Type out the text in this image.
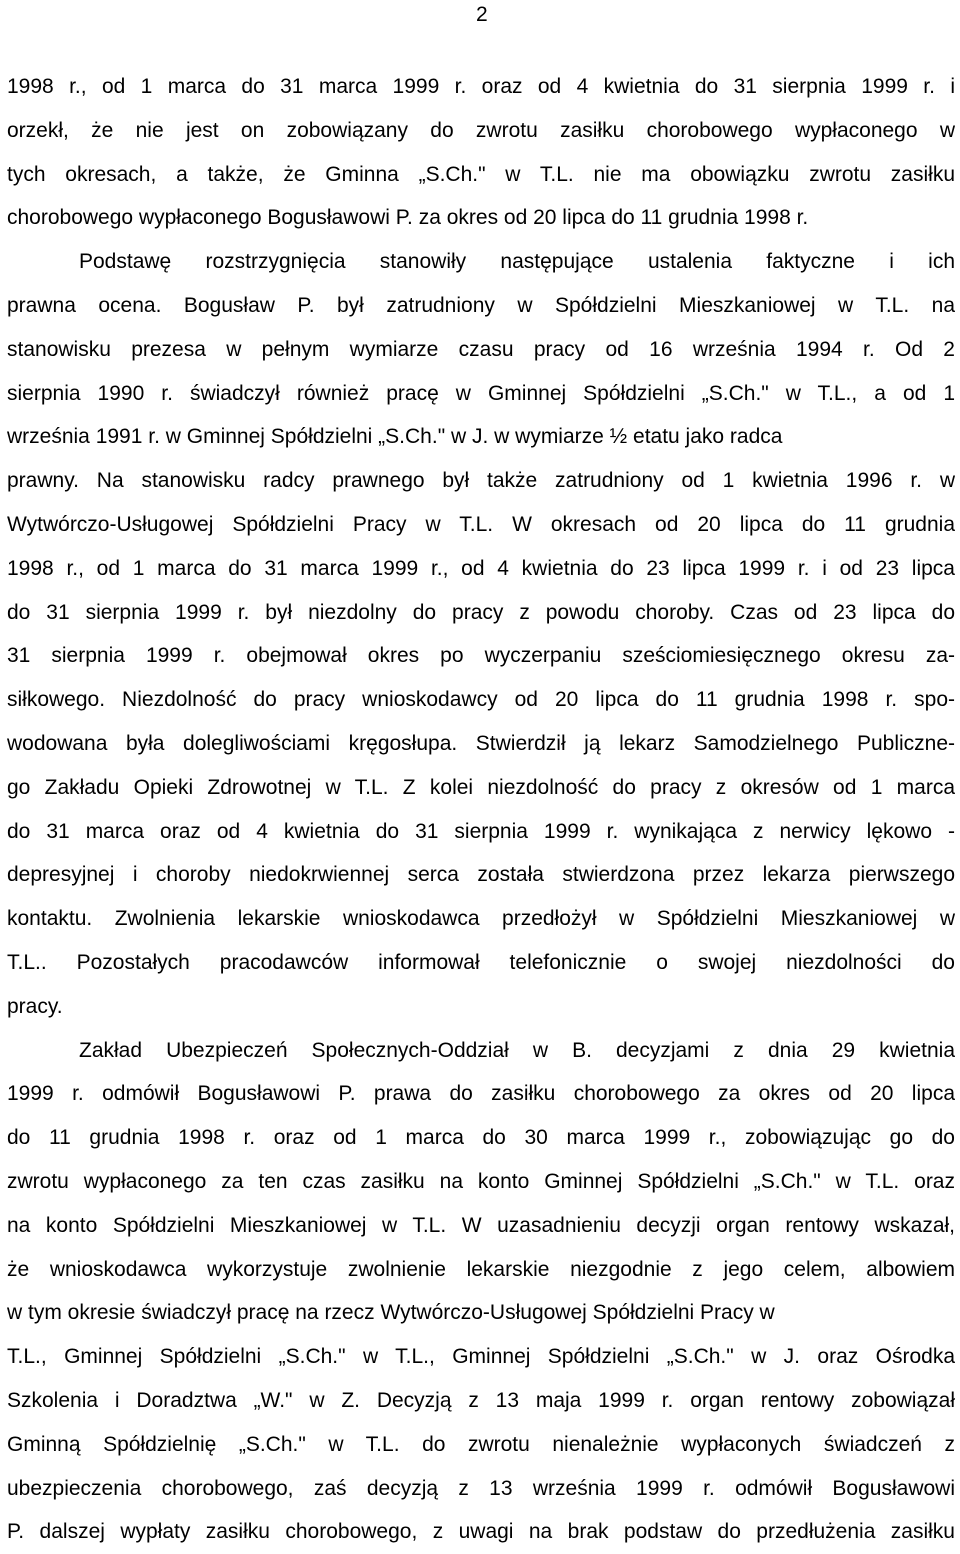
2
1998 r., od 1 marca do 31 marca 1999 r. oraz od 4 kwietnia do 31 sierpnia 1999 r. i
orzekł, że nie jest on zobowiązany do zwrotu zasiłku chorobowego wypłaconego w
tych okresach, a także, że Gminna „S.Ch." w T.L. nie ma obowiązku zwrotu zasiłku
chorobowego wypłaconego Bogusławowi P. za okres od 20 lipca do 11 grudnia 1998 r.
Podstawę rozstrzygnięcia stanowiły następujące ustalenia faktyczne i ich
prawna ocena. Bogusław P. był zatrudniony w Spółdzielni Mieszkaniowej w T.L. na
stanowisku prezesa w pełnym wymiarze czasu pracy od 16 września 1994 r. Od 2
sierpnia 1990 r. świadczył również pracę w Gminnej Spółdzielni „S.Ch." w T.L., a od 1
września 1991 r. w Gminnej Spółdzielni „S.Ch." w J. w wymiarze ½ etatu jako radca
prawny. Na stanowisku radcy prawnego był także zatrudniony od 1 kwietnia 1996 r. w
Wytwórczo-Usługowej Spółdzielni Pracy w T.L. W okresach od 20 lipca do 11 grudnia
1998 r., od 1 marca do 31 marca 1999 r., od 4 kwietnia do 23 lipca 1999 r. i od 23 lipca
do 31 sierpnia 1999 r. był niezdolny do pracy z powodu choroby. Czas od 23 lipca do
31 sierpnia 1999 r. obejmował okres po wyczerpaniu sześciomiesięcznego okresu za-
siłkowego. Niezdolność do pracy wnioskodawcy od 20 lipca do 11 grudnia 1998 r. spo-
wodowana była dolegliwościami kręgosłupa. Stwierdził ją lekarz Samodzielnego Publiczne-
go Zakładu Opieki Zdrowotnej w T.L. Z kolei niezdolność do pracy z okresów od 1 marca
do 31 marca oraz od 4 kwietnia do 31 sierpnia 1999 r. wynikająca z nerwicy lękowo -
depresyjnej i choroby niedokrwiennej serca została stwierdzona przez lekarza pierwszego
kontaktu. Zwolnienia lekarskie wnioskodawca przedłożył w Spółdzielni Mieszkaniowej w
T.L.. Pozostałych pracodawców informował telefonicznie o swojej niezdolności do
pracy.
Zakład Ubezpieczeń Społecznych-Oddział w B. decyzjami z dnia 29 kwietnia
1999 r. odmówił Bogusławowi P. prawa do zasiłku chorobowego za okres od 20 lipca
do 11 grudnia 1998 r. oraz od 1 marca do 30 marca 1999 r., zobowiązując go do
zwrotu wypłaconego za ten czas zasiłku na konto Gminnej Spółdzielni „S.Ch." w T.L. oraz
na konto Spółdzielni Mieszkaniowej w T.L. W uzasadnieniu decyzji organ rentowy wskazał,
że wnioskodawca wykorzystuje zwolnienie lekarskie niezgodnie z jego celem, albowiem
w tym okresie świadczył pracę na rzecz Wytwórczo-Usługowej Spółdzielni Pracy w
T.L., Gminnej Spółdzielni „S.Ch." w T.L., Gminnej Spółdzielni „S.Ch." w J. oraz Ośrodka
Szkolenia i Doradztwa „W." w Z. Decyzją z 13 maja 1999 r. organ rentowy zobowiązał
Gminną Spółdzielnię „S.Ch." w T.L. do zwrotu nienależnie wypłaconych świadczeń z
ubezpieczenia chorobowego, zaś decyzją z 13 września 1999 r. odmówił Bogusławowi
P. dalszej wypłaty zasiłku chorobowego, z uwagi na brak podstaw do przedłużenia zasiłku
